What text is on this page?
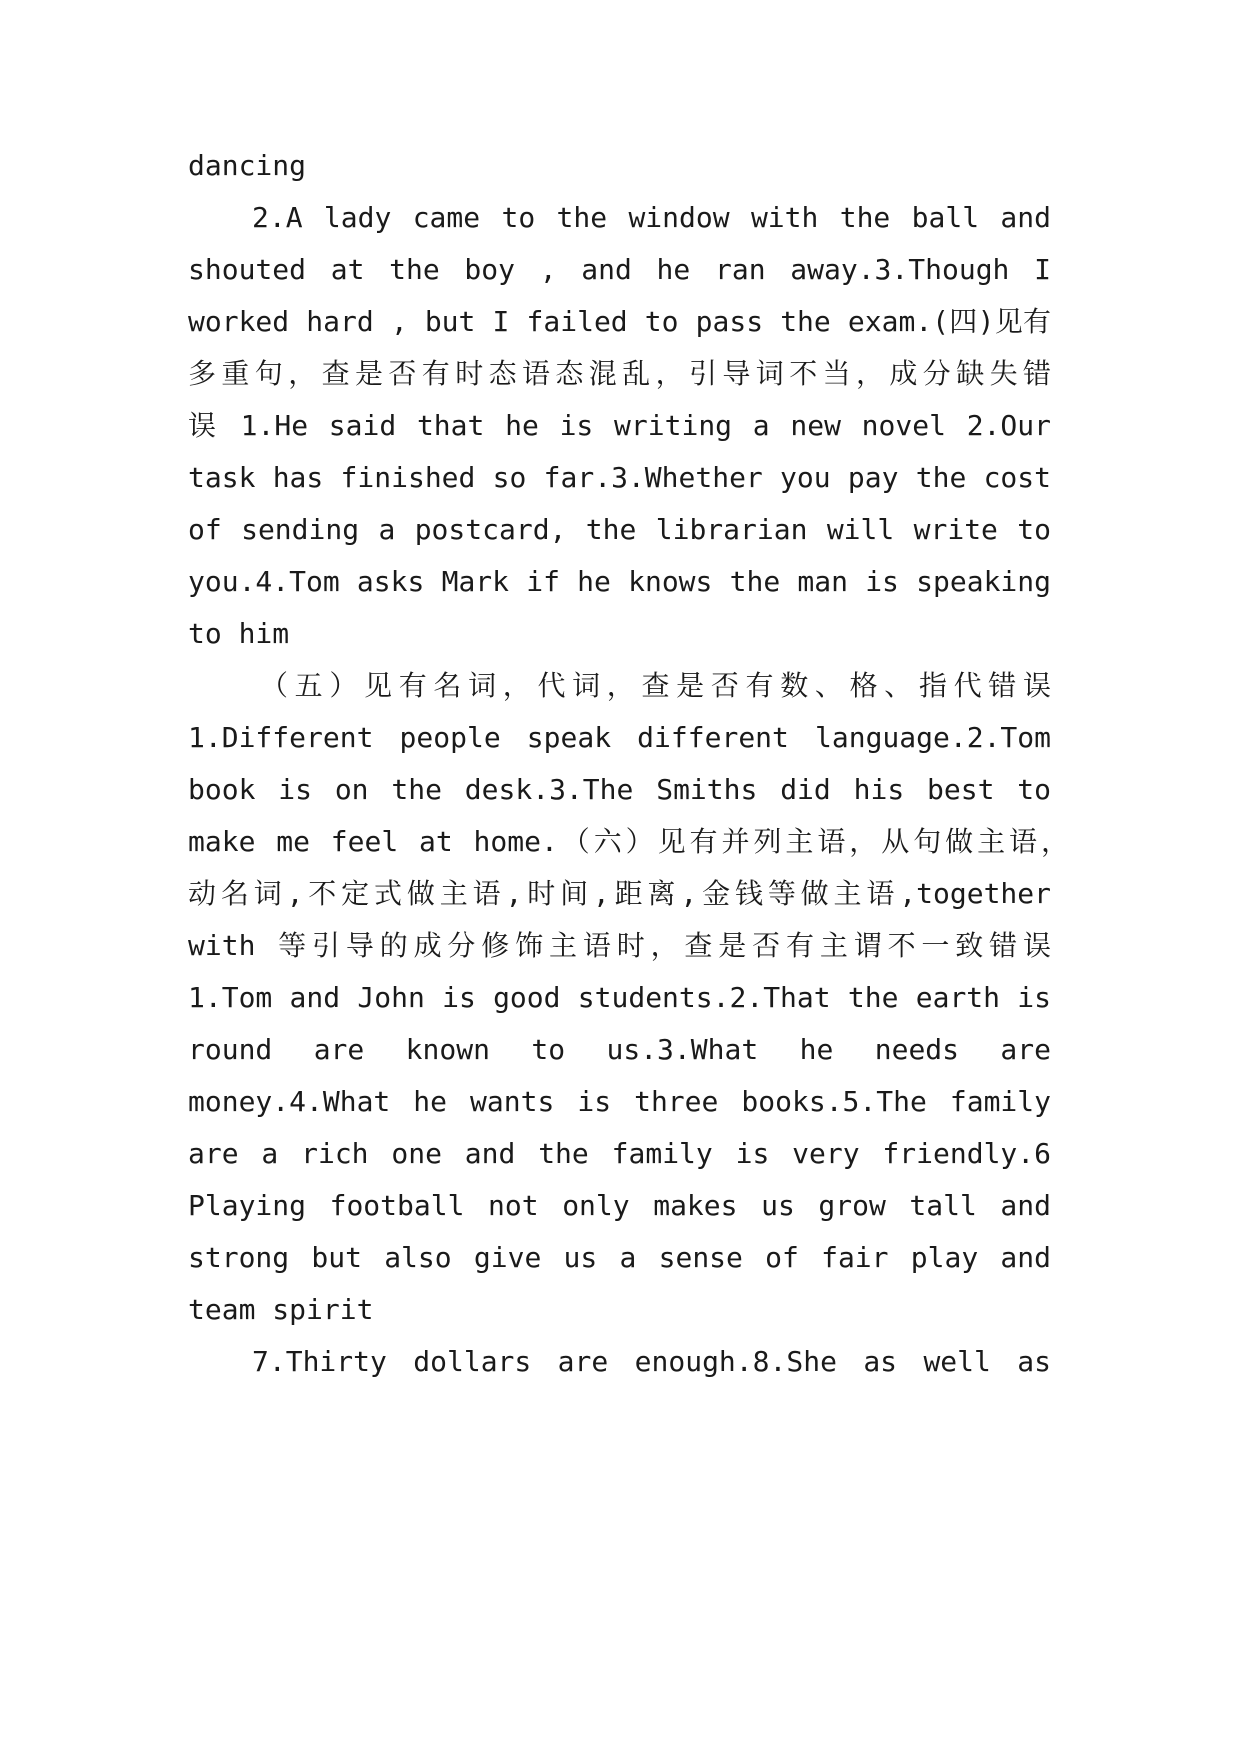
dancing
2.A lady came to the window with the ball and
shouted at the boy , and he ran away.3.Though I
worked hard , but I failed to pass the exam.(四)见有
多重句，查是否有时态语态混乱，引导词不当，成分缺失错
误 1.He said that he is writing a new novel 2.Our
task has finished so far.3.Whether you pay the cost
of sending a postcard, the librarian will write to
you.4.Tom asks Mark if he knows the man is speaking
to him
（五）见有名词，代词，查是否有数、格、指代错误
1.Different people speak different language.2.Tom
book is on the desk.3.The Smiths did his best to
make me feel at home.（六）见有并列主语，从句做主语，
动名词,不定式做主语,时间,距离,金钱等做主语,together
with 等引导的成分修饰主语时，查是否有主谓不一致错误
1.Tom and John is good students.2.That the earth is
round are known to us.3.What he needs are
money.4.What he wants is three books.5.The family
are a rich one and the family is very friendly.6
Playing football not only makes us grow tall and
strong but also give us a sense of fair play and
team spirit
7.Thirty dollars are enough.8.She as well as
